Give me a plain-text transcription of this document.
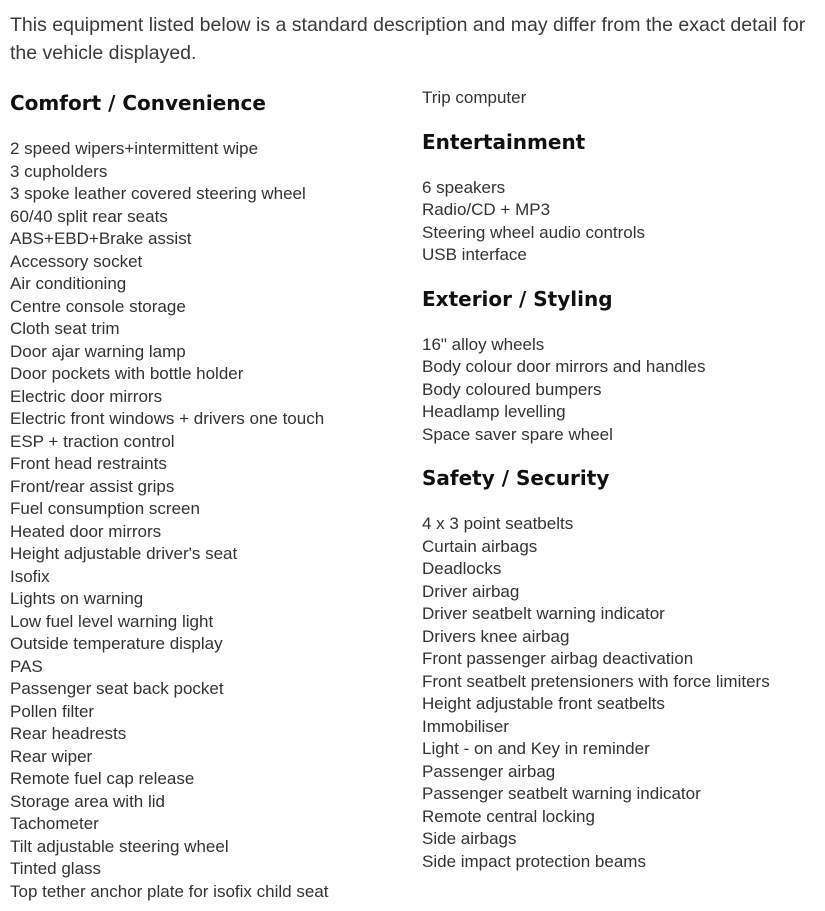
This equipment listed below is a standard description and may differ from the exact detail for the vehicle displayed.

Comfort / Convenience
2 speed wipers+intermittent wipe
3 cupholders
3 spoke leather covered steering wheel
60/40 split rear seats
ABS+EBD+Brake assist
Accessory socket
Air conditioning
Centre console storage
Cloth seat trim
Door ajar warning lamp
Door pockets with bottle holder
Electric door mirrors
Electric front windows + drivers one touch
ESP + traction control
Front head restraints
Front/rear assist grips
Fuel consumption screen
Heated door mirrors
Height adjustable driver's seat
Isofix
Lights on warning
Low fuel level warning light
Outside temperature display
PAS
Passenger seat back pocket
Pollen filter
Rear headrests
Rear wiper
Remote fuel cap release
Storage area with lid
Tachometer
Tilt adjustable steering wheel
Tinted glass
Top tether anchor plate for isofix child seat
Trip computer
Entertainment
6 speakers
Radio/CD + MP3
Steering wheel audio controls
USB interface
Exterior / Styling
16" alloy wheels
Body colour door mirrors and handles
Body coloured bumpers
Headlamp levelling
Space saver spare wheel
Safety / Security
4 x 3 point seatbelts
Curtain airbags
Deadlocks
Driver airbag
Driver seatbelt warning indicator
Drivers knee airbag
Front passenger airbag deactivation
Front seatbelt pretensioners with force limiters
Height adjustable front seatbelts
Immobiliser
Light - on and Key in reminder
Passenger airbag
Passenger seatbelt warning indicator
Remote central locking
Side airbags
Side impact protection beams
